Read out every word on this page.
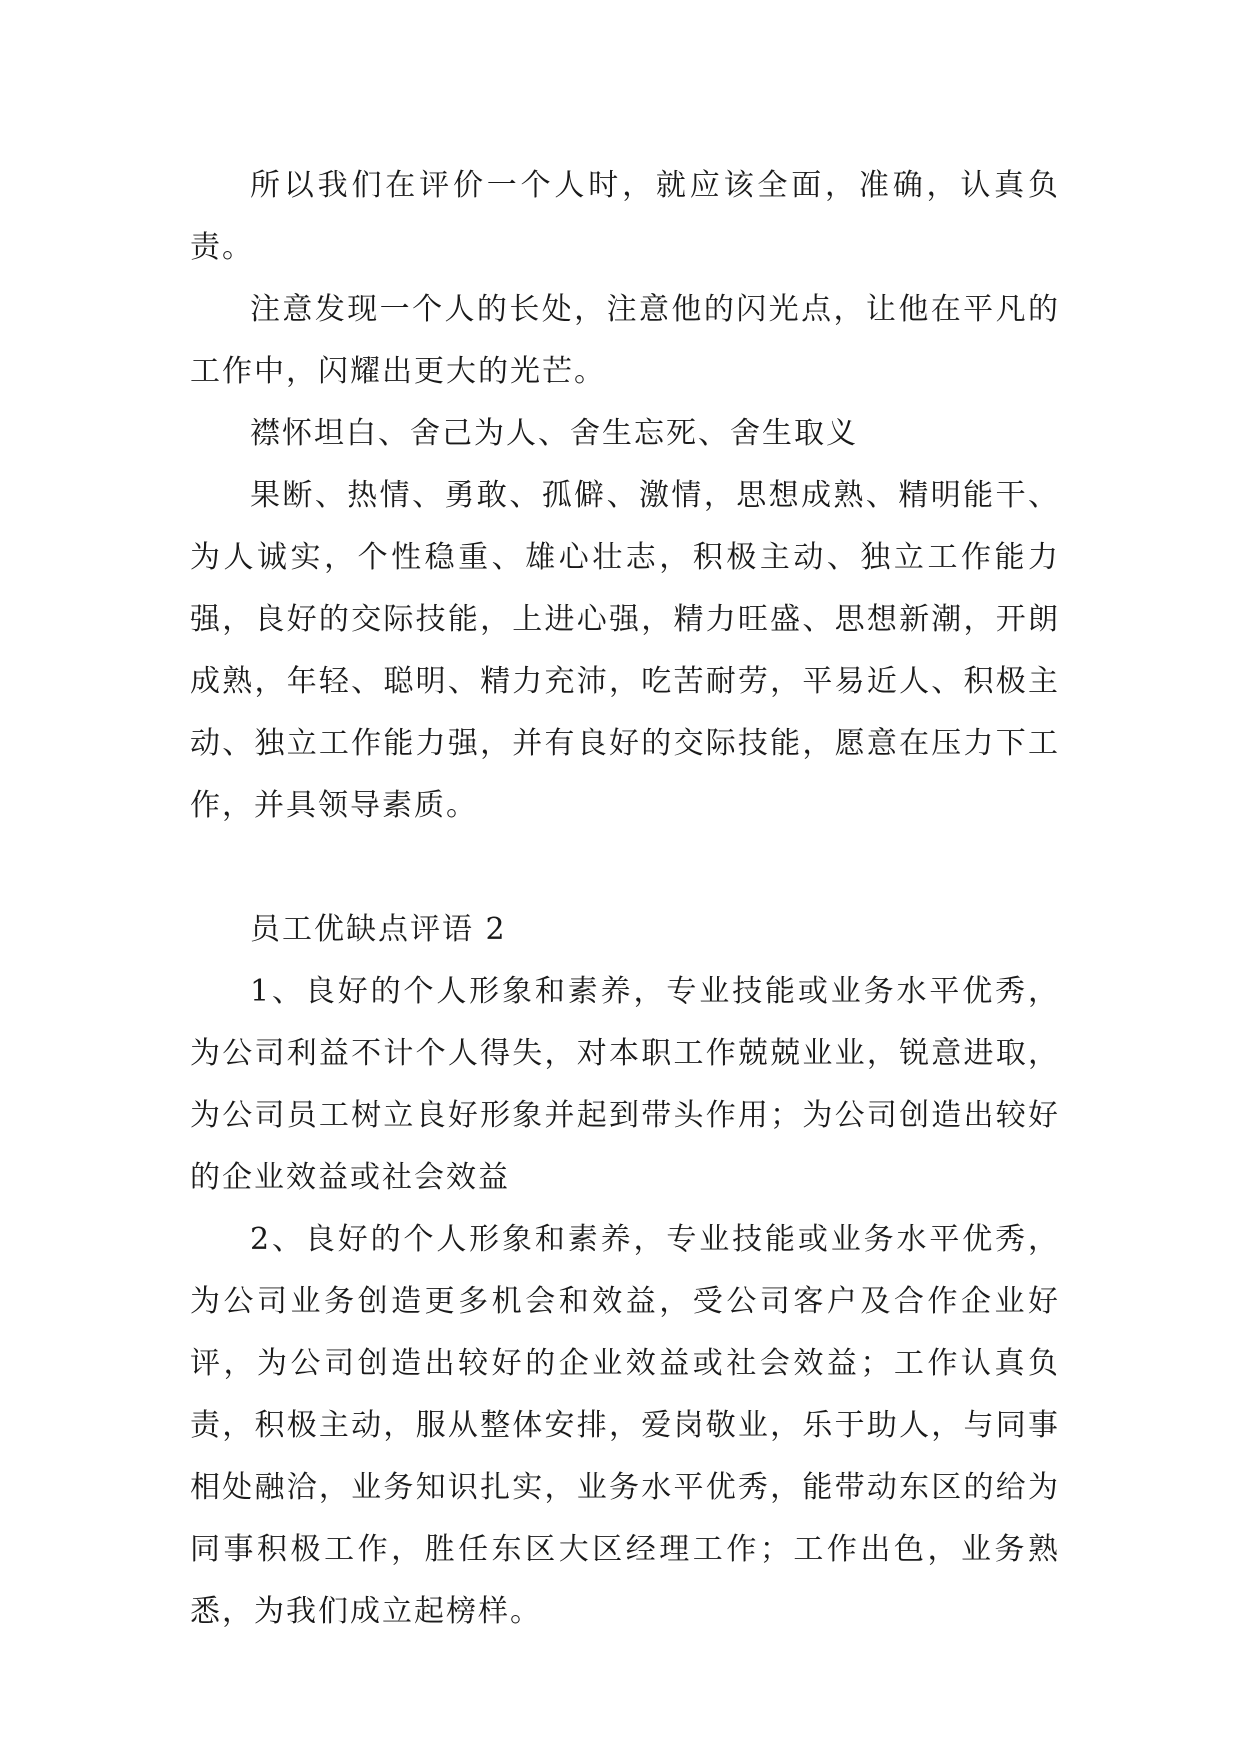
所以我们在评价一个人时，就应该全面，准确，认真负责。

注意发现一个人的长处，注意他的闪光点，让他在平凡的工作中，闪耀出更大的光芒。

襟怀坦白、舍己为人、舍生忘死、舍生取义

果断、热情、勇敢、孤僻、激情，思想成熟、精明能干、为人诚实，个性稳重、雄心壮志，积极主动、独立工作能力强，良好的交际技能，上进心强，精力旺盛、思想新潮，开朗成熟，年轻、聪明、精力充沛，吃苦耐劳，平易近人、积极主动、独立工作能力强，并有良好的交际技能，愿意在压力下工作，并具领导素质。

员工优缺点评语 2

1、良好的个人形象和素养，专业技能或业务水平优秀，为公司利益不计个人得失，对本职工作兢兢业业，锐意进取，为公司员工树立良好形象并起到带头作用；为公司创造出较好的企业效益或社会效益

2、良好的个人形象和素养，专业技能或业务水平优秀，为公司业务创造更多机会和效益，受公司客户及合作企业好评，为公司创造出较好的企业效益或社会效益；工作认真负责，积极主动，服从整体安排，爱岗敬业，乐于助人，与同事相处融洽，业务知识扎实，业务水平优秀，能带动东区的给为同事积极工作，胜任东区大区经理工作；工作出色，业务熟悉，为我们成立起榜样。
